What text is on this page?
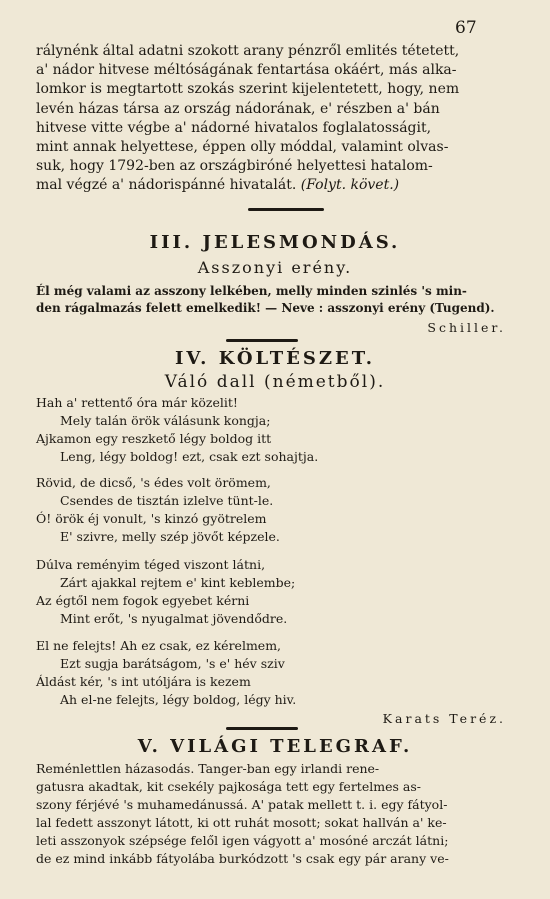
67
rálynénk által adatni szokott arany pénzről emlités tétetett,
a' nádor hitvese méltóságának fentartása okáért, más alka-
lomkor is megtartott szokás szerint kijelentetett, hogy, nem
levén házas társa az ország nádorának, e' részben a' bán
hitvese vitte végbe a' nádorné hivatalos foglalatosságit,
mint annak helyettese, éppen olly móddal, valamint olvas-
suk, hogy 1792-ben az országbiróné helyettesi hatalom-
mal végzé a' nádorispánné hivatalát. (Folyt. követ.)
III. JELESMONDÁS.
Asszonyi erény.
Él még valami az asszony lelkében, melly minden szinlés 's min-
den rágalmazás felett emelkedik! — Neve : asszonyi erény (Tugend).
Schiller.
IV. KÖLTÉSZET.
Váló dall (németből).
Hah a' rettentő óra már közelit!
Mely talán örök válásunk kongja;
Ajkamon egy reszkető légy boldog itt
Leng, légy boldog! ezt, csak ezt sohajtja.
Rövid, de dicső, 's édes volt örömem,
Csendes de tisztán izlelve tünt-le.
Ó! örök éj vonult, 's kinzó gyötrelem
E' szivre, melly szép jövőt képzele.
Dúlva reményim téged viszont látni,
Zárt ajakkal rejtem e' kint keblembe;
Az égtől nem fogok egyebet kérni
Mint erőt, 's nyugalmat jövendődre.
El ne felejts! Ah ez csak, ez kérelmem,
Ezt sugja barátságom, 's e' hév sziv
Áldást kér, 's int utóljára is kezem
Ah el-ne felejts, légy boldog, légy hiv.
Karats Teréz.
V. VILÁGI TELEGRAF.
Reménlettlen házasodás. Tanger-ban egy irlandi rene-
gatusra akadtak, kit csekély pajkosága tett egy fertelmes as-
szony férjévé 's muhamedánussá. A' patak mellett t. i. egy fátyol-
lal fedett asszonyt látott, ki ott ruhát mosott; sokat hallván a' ke-
leti asszonyok szépsége felől igen vágyott a' mosóné arczát látni;
de ez mind inkább fátyolába burkódzott 's csak egy pár arany ve-
